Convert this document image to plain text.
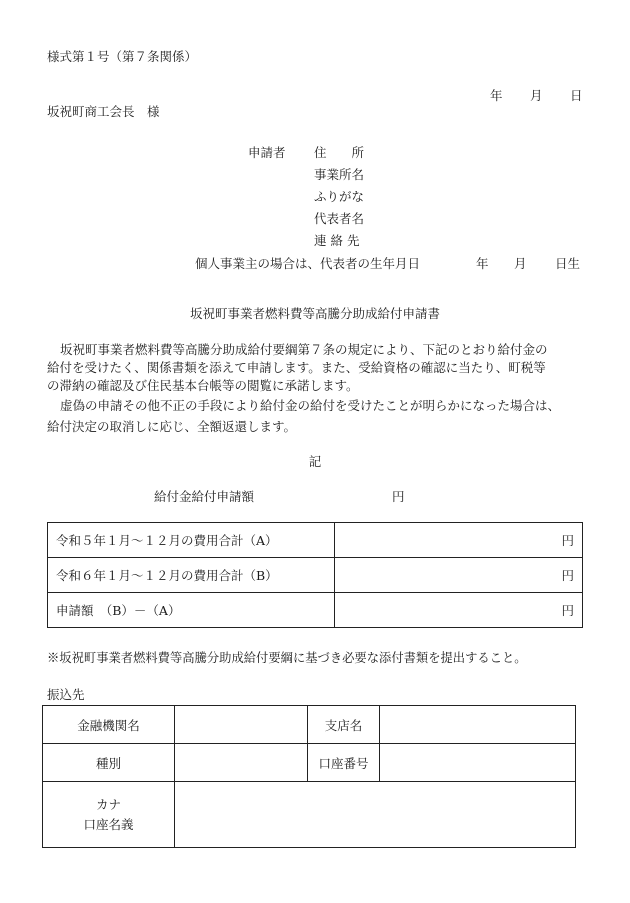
様式第１号（第７条関係）
年 月 日
坂祝町商工会長　様
申請者 住　　所
事業所名
ふりがな
代表者名
連 絡 先
個人事業主の場合は、代表者の生年月日	年 月 日生
坂祝町事業者燃料費等高騰分助成給付申請書
坂祝町事業者燃料費等高騰分助成給付要綱第７条の規定により、下記のとおり給付金の
給付を受けたく、関係書類を添えて申請します。また、受給資格の確認に当たり、町税等
の滞納の確認及び住民基本台帳等の閲覧に承諾します。
虚偽の申請その他不正の手段により給付金の給付を受けたことが明らかになった場合は、
給付決定の取消しに応じ、全額返還します。
記
給付金給付申請額	円
令和５年１月～１２月の費用合計（A）	円
令和６年１月～１２月の費用合計（B）	円
申請額　（B）－（A）	円
※坂祝町事業者燃料費等高騰分助成給付要綱に基づき必要な添付書類を提出すること。
振込先
金融機関名		支店名	
種別		口座番号	

カナ
口座名義			
